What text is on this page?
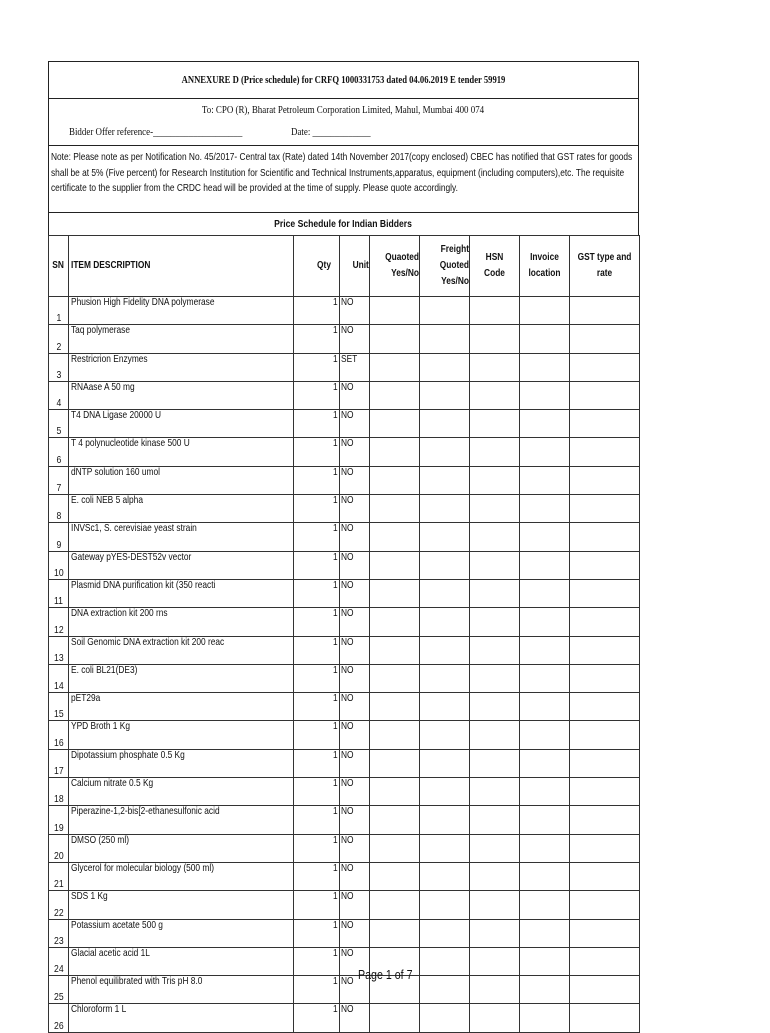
ANNEXURE D (Price schedule) for CRFQ 1000331753 dated 04.06.2019 E tender 59919
To: CPO (R), Bharat Petroleum Corporation Limited, Mahul, Mumbai 400 074
Bidder Offer reference-____________________	Date: _____________

Note: Please note as per Notification No. 45/2017- Central tax (Rate) dated 14th November 2017(copy enclosed) CBEC has notified that GST rates for goods shall be at 5% (Five percent) for Research Institution for Scientific and Technical Instruments,apparatus, equipment (including computers),etc. The requisite certificate to the supplier from the CRDC head will be provided at the time of supply. Please quote accordingly.

Price Schedule for Indian Bidders
SN	ITEM DESCRIPTION	Qty	Unit	Quaoted Yes/No	Freight Quoted Yes/No	HSN Code	Invoice location	GST type and rate
1	Phusion High Fidelity DNA polymerase	1	NO					
2	Taq polymerase	1	NO					
3	Restricrion Enzymes	1	SET					
4	RNAase A 50 mg	1	NO					
5	T4 DNA Ligase 20000 U	1	NO					
6	T 4 polynucleotide kinase 500 U	1	NO					
7	dNTP solution 160 umol	1	NO					
8	E. coli NEB 5 alpha	1	NO					
9	INVSc1, S. cerevisiae yeast strain	1	NO					
10	Gateway pYES-DEST52v vector	1	NO					
11	Plasmid DNA purification kit (350 reacti	1	NO					
12	DNA extraction kit 200 rns	1	NO					
13	Soil Genomic DNA extraction kit 200 reac	1	NO					
14	E. coli BL21(DE3)	1	NO					
15	pET29a	1	NO					
16	YPD Broth 1 Kg	1	NO					
17	Dipotassium phosphate 0.5 Kg	1	NO					
18	Calcium nitrate 0.5 Kg	1	NO					
19	Piperazine-1,2-bis[2-ethanesulfonic acid	1	NO					
20	DMSO (250 ml)	1	NO					
21	Glycerol for molecular biology (500 ml)	1	NO					
22	SDS 1 Kg	1	NO					
23	Potassium acetate 500 g	1	NO					
24	Glacial acetic acid 1L	1	NO					
25	Phenol equilibrated with Tris pH 8.0	1	NO					
26	Chloroform 1 L	1	NO					
Page 1 of 7
